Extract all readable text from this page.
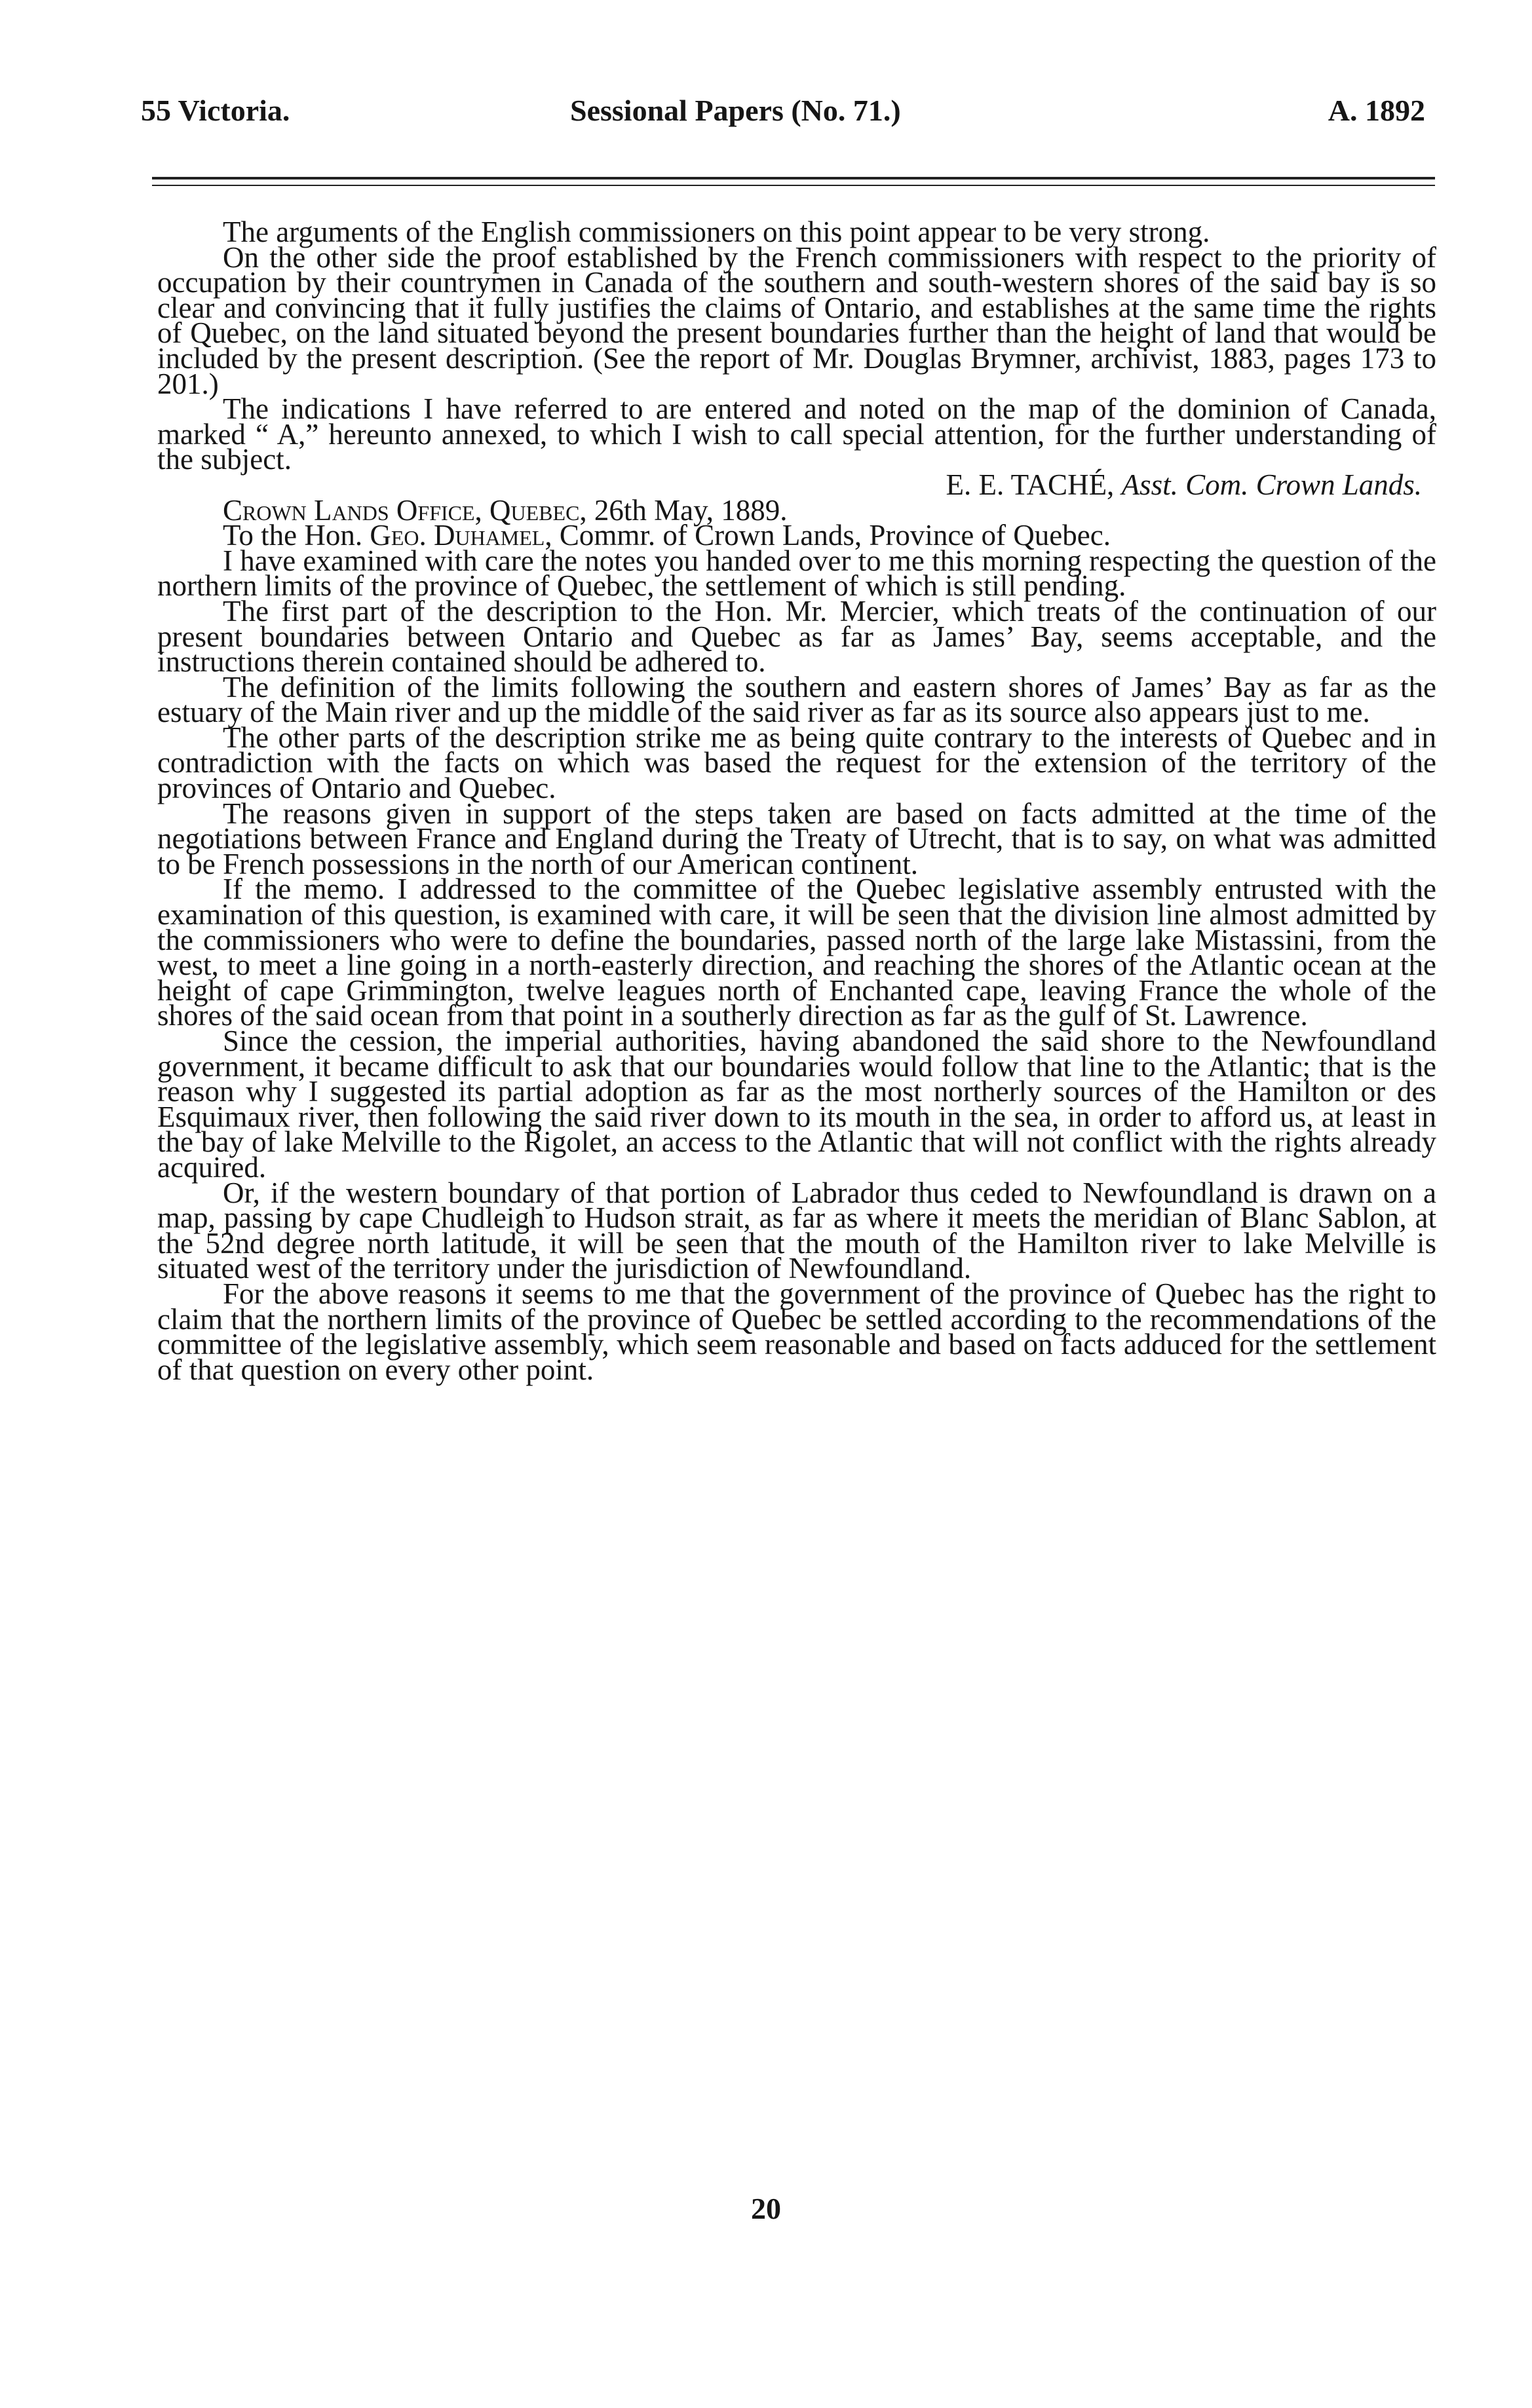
55 Victoria.	Sessional Papers (No. 71.)	A. 1892

The arguments of the English commissioners on this point appear to be very strong.

On the other side the proof established by the French commissioners with respect to the priority of occupation by their countrymen in Canada of the southern and south-western shores of the said bay is so clear and convincing that it fully justifies the claims of Ontario, and establishes at the same time the rights of Quebec, on the land situated beyond the present boundaries further than the height of land that would be included by the present description. (See the report of Mr. Douglas Brymner, archivist, 1883, pages 173 to 201.)

The indications I have referred to are entered and noted on the map of the dominion of Canada, marked “ A,” hereunto annexed, to which I wish to call special attention, for the further understanding of the subject.

E. E. TACHÉ, Asst. Com. Crown Lands.

Crown Lands Office, Quebec, 26th May, 1889.

To the Hon. Geo. Duhamel, Commr. of Crown Lands, Province of Quebec.

I have examined with care the notes you handed over to me this morning respecting the question of the northern limits of the province of Quebec, the settlement of which is still pending.

The first part of the description to the Hon. Mr. Mercier, which treats of the continuation of our present boundaries between Ontario and Quebec as far as James’ Bay, seems acceptable, and the instructions therein contained should be adhered to.

The definition of the limits following the southern and eastern shores of James’ Bay as far as the estuary of the Main river and up the middle of the said river as far as its source also appears just to me.

The other parts of the description strike me as being quite contrary to the interests of Quebec and in contradiction with the facts on which was based the request for the extension of the territory of the provinces of Ontario and Quebec.

The reasons given in support of the steps taken are based on facts admitted at the time of the negotiations between France and England during the Treaty of Utrecht, that is to say, on what was admitted to be French possessions in the north of our American continent.

If the memo. I addressed to the committee of the Quebec legislative assembly entrusted with the examination of this question, is examined with care, it will be seen that the division line almost admitted by the commissioners who were to define the boundaries, passed north of the large lake Mistassini, from the west, to meet a line going in a north-easterly direction, and reaching the shores of the Atlantic ocean at the height of cape Grimmington, twelve leagues north of Enchanted cape, leaving France the whole of the shores of the said ocean from that point in a southerly direction as far as the gulf of St. Lawrence.

Since the cession, the imperial authorities, having abandoned the said shore to the Newfoundland government, it became difficult to ask that our boundaries would follow that line to the Atlantic; that is the reason why I suggested its partial adoption as far as the most northerly sources of the Hamilton or des Esquimaux river, then following the said river down to its mouth in the sea, in order to afford us, at least in the bay of lake Melville to the Rigolet, an access to the Atlantic that will not conflict with the rights already acquired.

Or, if the western boundary of that portion of Labrador thus ceded to Newfoundland is drawn on a map, passing by cape Chudleigh to Hudson strait, as far as where it meets the meridian of Blanc Sablon, at the 52nd degree north latitude, it will be seen that the mouth of the Hamilton river to lake Melville is situated west of the territory under the jurisdiction of Newfoundland.

For the above reasons it seems to me that the government of the province of Quebec has the right to claim that the northern limits of the province of Quebec be settled according to the recommendations of the committee of the legislative assembly, which seem reasonable and based on facts adduced for the settlement of that question on every other point.

20
